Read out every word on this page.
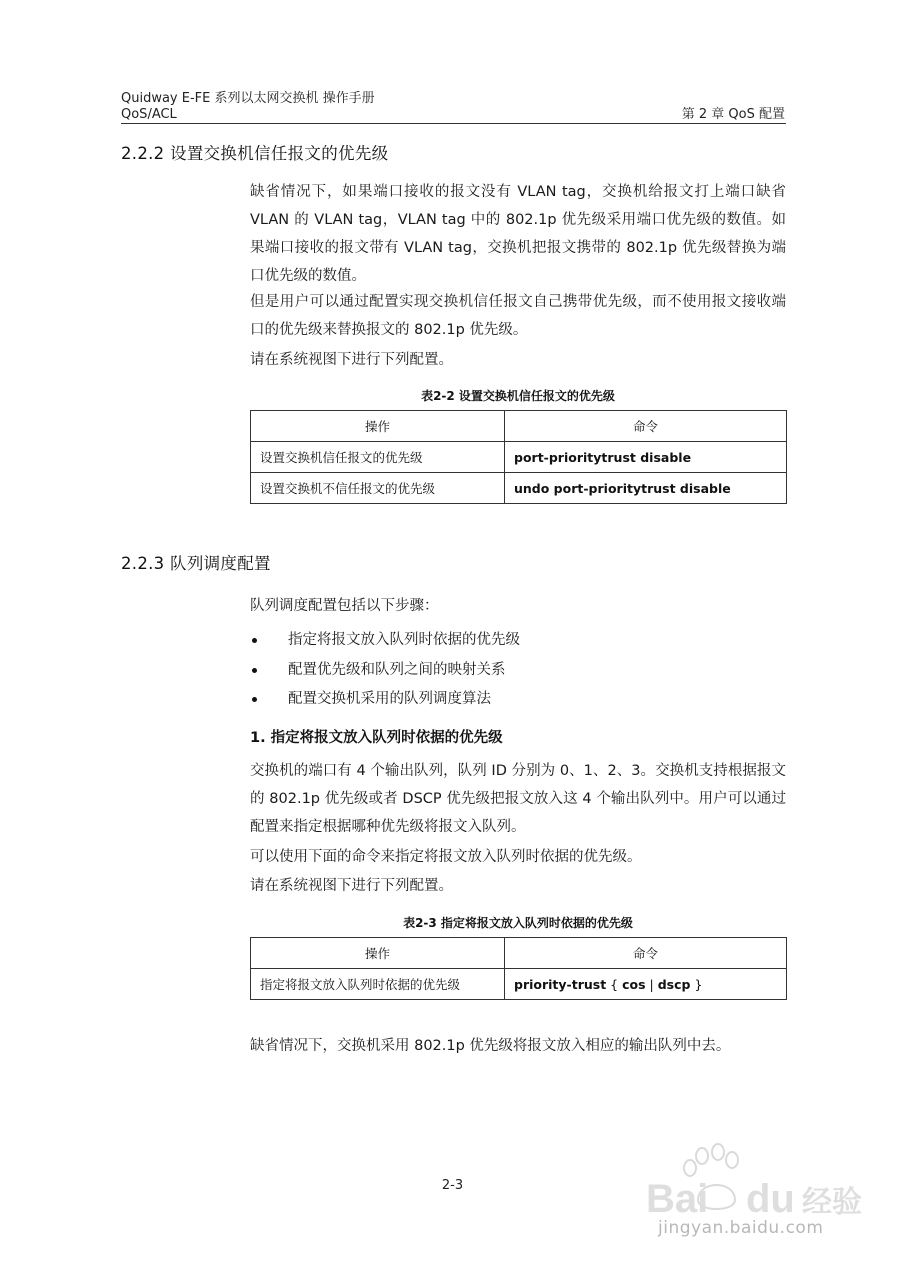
Quidway E-FE 系列以太网交换机 操作手册
QoS/ACL	第 2 章 QoS 配置
2.2.2 设置交换机信任报文的优先级

缺省情况下，如果端口接收的报文没有 VLAN tag，交换机给报文打上端口缺省 VLAN 的 VLAN tag，VLAN tag 中的 802.1p 优先级采用端口优先级的数值。如果端口接收的报文带有 VLAN tag，交换机把报文携带的 802.1p 优先级替换为端口优先级的数值。

但是用户可以通过配置实现交换机信任报文自己携带优先级，而不使用报文接收端口的优先级来替换报文的 802.1p 优先级。

请在系统视图下进行下列配置。

表2-2 设置交换机信任报文的优先级
操作	命令
设置交换机信任报文的优先级	port-prioritytrust disable
设置交换机不信任报文的优先级	undo port-prioritytrust disable
2.2.3 队列调度配置

队列调度配置包括以下步骤：

指定将报文放入队列时依据的优先级
配置优先级和队列之间的映射关系
配置交换机采用的队列调度算法
1. 指定将报文放入队列时依据的优先级

交换机的端口有 4 个输出队列，队列 ID 分别为 0、1、2、3。交换机支持根据报文的 802.1p 优先级或者 DSCP 优先级把报文放入这 4 个输出队列中。用户可以通过配置来指定根据哪种优先级将报文入队列。

可以使用下面的命令来指定将报文放入队列时依据的优先级。

请在系统视图下进行下列配置。

表2-3 指定将报文放入队列时依据的优先级
操作	命令
指定将报文放入队列时依据的优先级	priority-trust { cos | dscp }

缺省情况下，交换机采用 802.1p 优先级将报文放入相应的输出队列中去。

2-3	Bai du 经验
jingyan.baidu.com
